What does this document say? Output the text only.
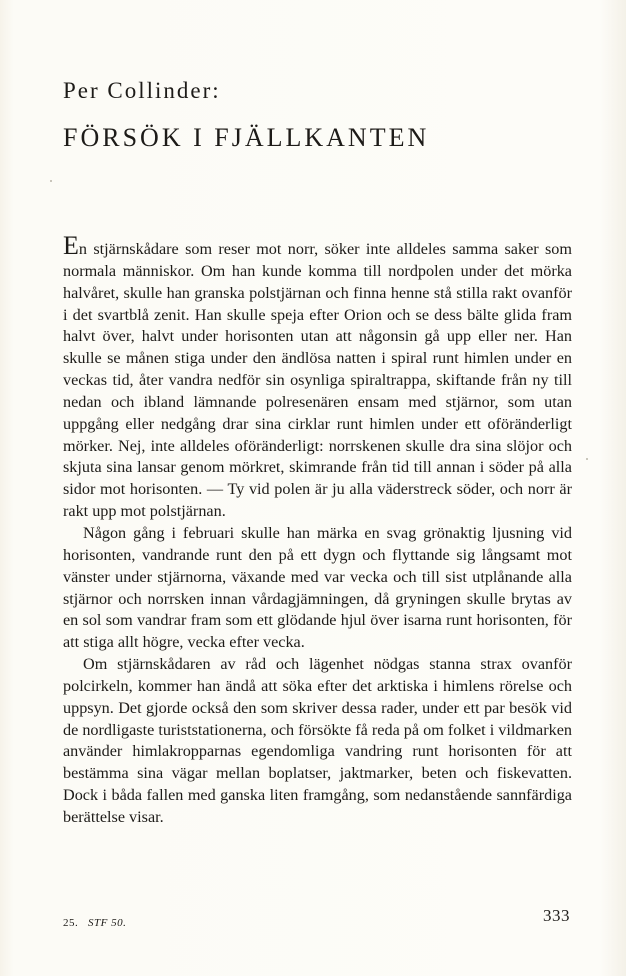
Per Collinder:
FÖRSÖK I FJÄLLKANTEN

En stjärnskådare som reser mot norr, söker inte alldeles samma saker som normala människor. Om han kunde komma till nordpolen under det mörka halvåret, skulle han granska polstjärnan och finna henne stå stilla rakt ovanför i det svartblå zenit. Han skulle speja efter Orion och se dess bälte glida fram halvt över, halvt under horisonten utan att någonsin gå upp eller ner. Han skulle se månen stiga under den ändlösa natten i spiral runt himlen under en veckas tid, åter vandra nedför sin osynliga spiraltrappa, skiftande från ny till nedan och ibland lämnande polresenären ensam med stjärnor, som utan uppgång eller nedgång drar sina cirklar runt himlen under ett oföränderligt mörker. Nej, inte alldeles oföränderligt: norrskenen skulle dra sina slöjor och skjuta sina lansar genom mörkret, skimrande från tid till annan i söder på alla sidor mot horisonten. — Ty vid polen är ju alla väderstreck söder, och norr är rakt upp mot polstjärnan.

Någon gång i februari skulle han märka en svag grönaktig ljusning vid horisonten, vandrande runt den på ett dygn och flyttande sig långsamt mot vänster under stjärnorna, växande med var vecka och till sist utplånande alla stjärnor och norrsken innan vårdagjämningen, då gryningen skulle brytas av en sol som vandrar fram som ett glödande hjul över isarna runt horisonten, för att stiga allt högre, vecka efter vecka.

Om stjärnskådaren av råd och lägenhet nödgas stanna strax ovanför polcirkeln, kommer han ändå att söka efter det arktiska i himlens rörelse och uppsyn. Det gjorde också den som skriver dessa rader, under ett par besök vid de nordligaste turiststationerna, och försökte få reda på om folket i vildmarken använder himlakropparnas egendomliga vandring runt horisonten för att bestämma sina vägar mellan boplatser, jaktmarker, beten och fiskevatten. Dock i båda fallen med ganska liten framgång, som nedanstående sannfärdiga berättelse visar.

25. STF 50.	333
